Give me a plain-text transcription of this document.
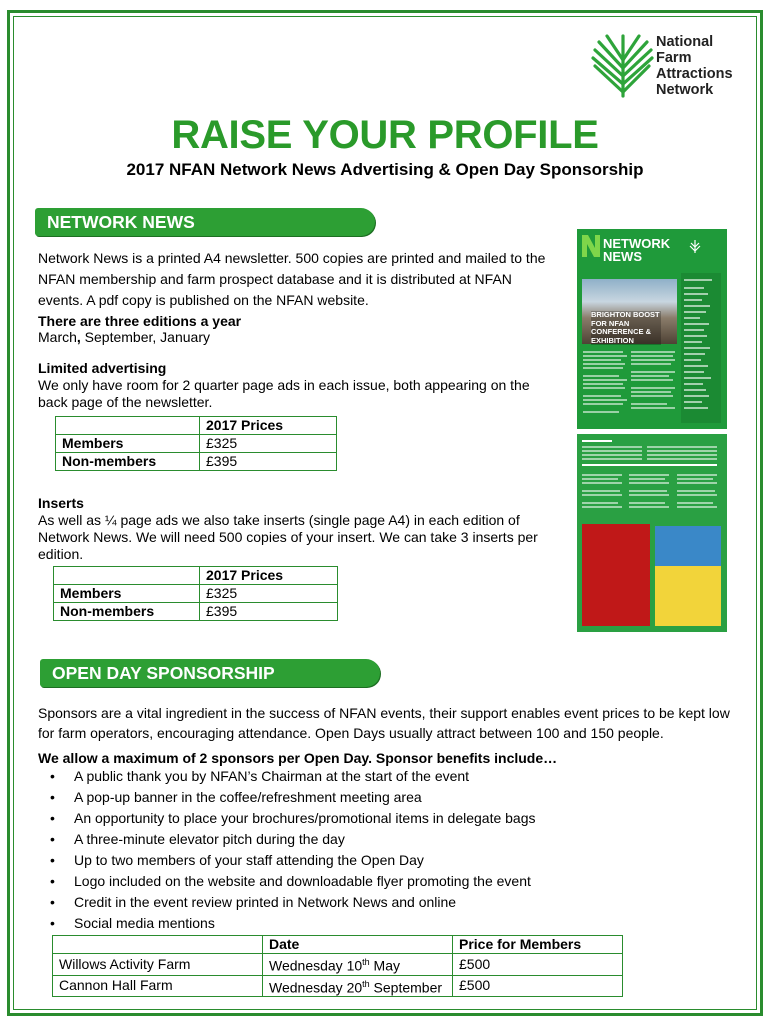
National
Farm
Attractions
Network
RAISE YOUR PROFILE
2017 NFAN Network News Advertising & Open Day Sponsorship
NETWORK NEWS
Network News is a printed A4 newsletter. 500 copies are printed and mailed to the
NFAN membership and farm prospect database and it is distributed at NFAN
events. A pdf copy is published on the NFAN website.
There are three editions a year
March, September, January
Limited advertising
We only have room for 2 quarter page ads in each issue, both appearing on the
back page of the newsletter.
	2017 Prices
Members	£325
Non-members	£395
Inserts
As well as ¼ page ads we also take inserts (single page A4) in each edition of
Network News. We will need 500 copies of your insert. We can take 3 inserts per
edition.
	2017 Prices
Members	£325
Non-members	£395
NETWORK
NEWS
BRIGHTON BOOST FOR NFAN CONFERENCE & EXHIBITION
OPEN DAY SPONSORSHIP
Sponsors are a vital ingredient in the success of NFAN events, their support enables event prices to be kept low
for farm operators, encouraging attendance. Open Days usually attract between 100 and 150 people.
We allow a maximum of 2 sponsors per Open Day. Sponsor benefits include…
• A public thank you by NFAN’s Chairman at the start of the event
• A pop-up banner in the coffee/refreshment meeting area
• An opportunity to place your brochures/promotional items in delegate bags
• A three-minute elevator pitch during the day
• Up to two members of your staff attending the Open Day
• Logo included on the website and downloadable flyer promoting the event
• Credit in the event review printed in Network News and online
• Social media mentions
	Date	Price for Members
Willows Activity Farm	Wednesday 10th May	£500
Cannon Hall Farm	Wednesday 20th September	£500
